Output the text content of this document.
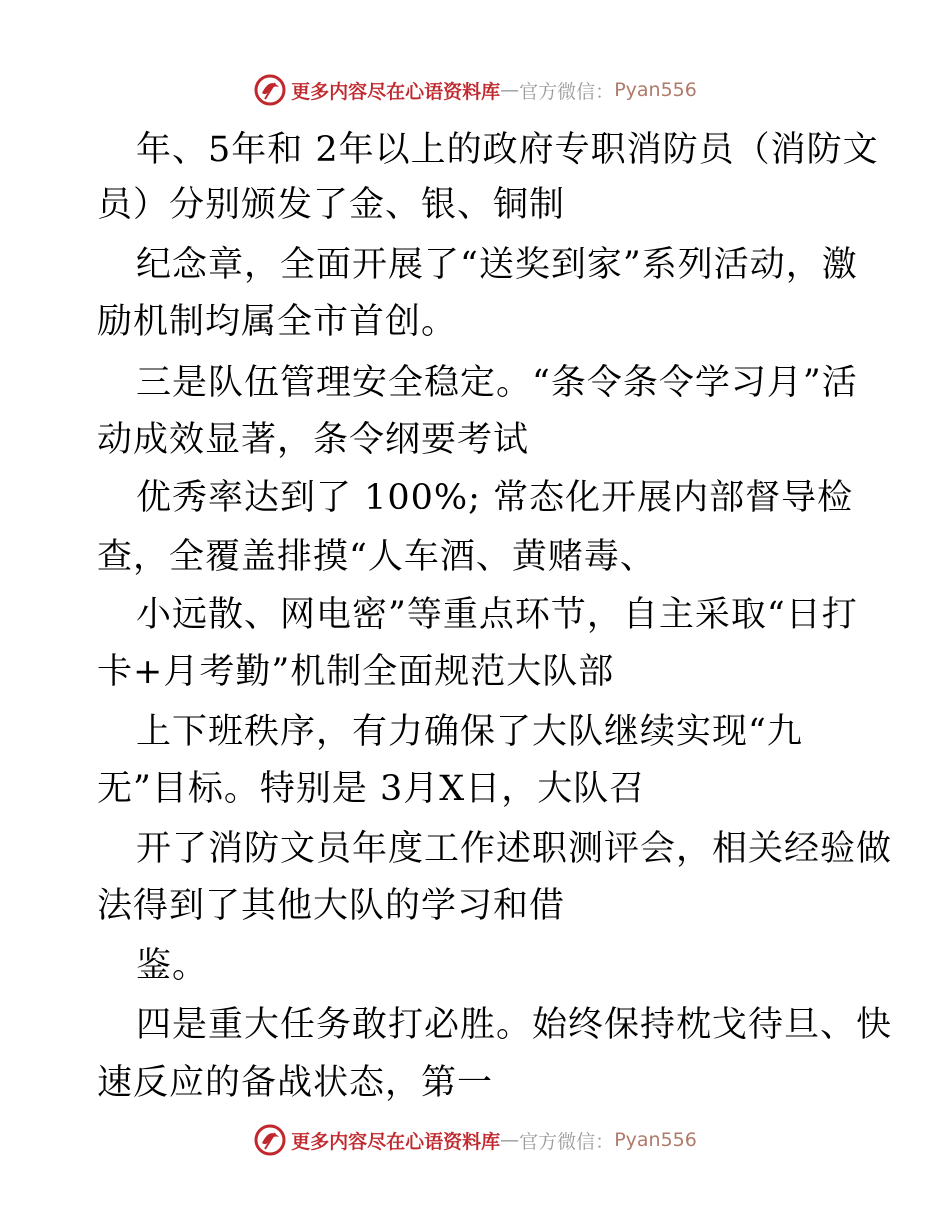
更多内容尽在心语资料库 — 官方微信： Pyan556
年、5年和 2年以上的政府专职消防员（消防文
员）分别颁发了金、银、铜制
纪念章，全面开展了“送奖到家”系列活动，激
励机制均属全市首创。
三是队伍管理安全稳定。“条令条令学习月”活
动成效显著，条令纲要考试
优秀率达到了 100%; 常态化开展内部督导检
查，全覆盖排摸“人车酒、黄赌毒、
小远散、网电密”等重点环节，自主采取“日打
卡+月考勤”机制全面规范大队部
上下班秩序，有力确保了大队继续实现“九
无”目标。特别是 3月X日，大队召
开了消防文员年度工作述职测评会，相关经验做
法得到了其他大队的学习和借
鉴。
四是重大任务敢打必胜。始终保持枕戈待旦、快
速反应的备战状态，第一
更多内容尽在心语资料库 — 官方微信： Pyan556
